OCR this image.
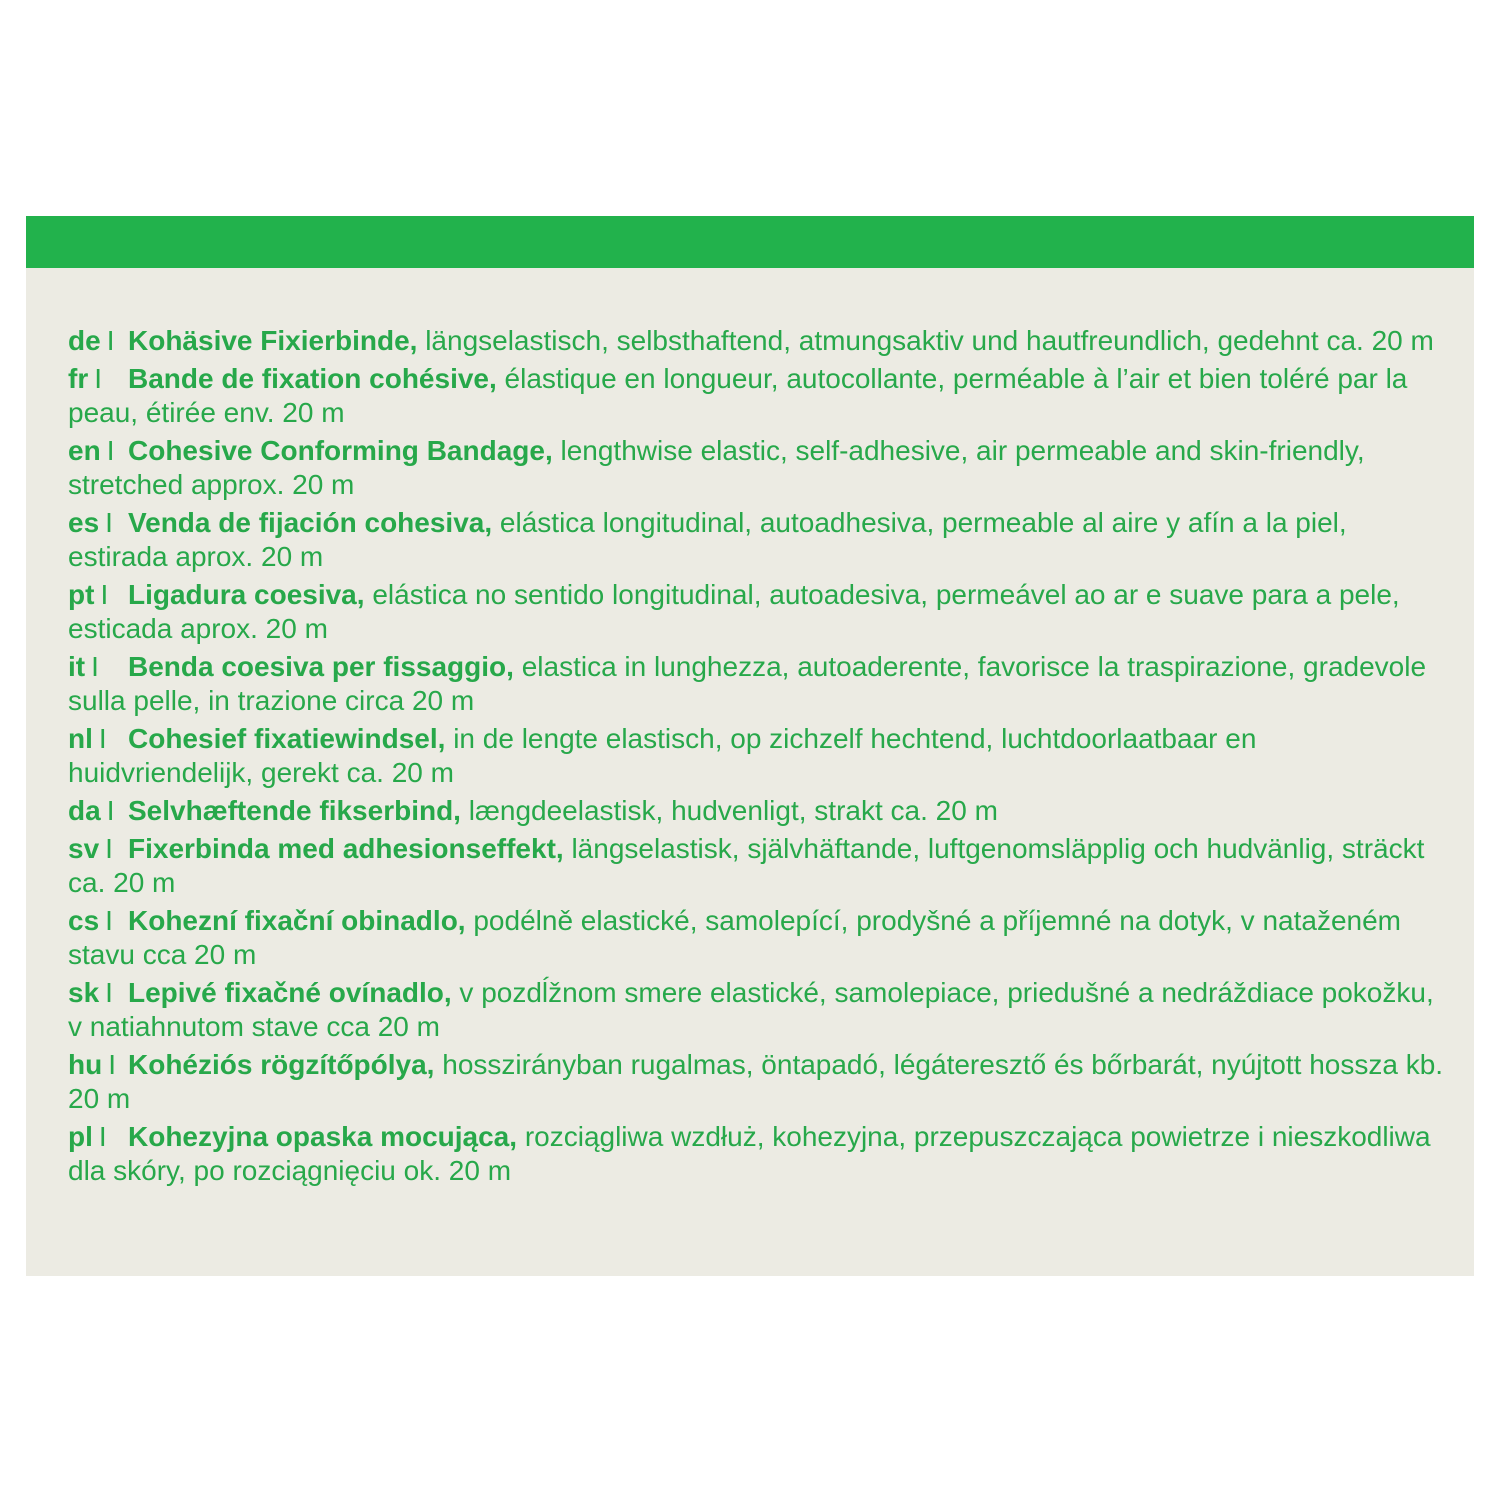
de I Kohäsive Fixierbinde, längselastisch, selbsthaftend, atmungsaktiv und hautfreundlich, gedehnt ca. 20 m
fr I Bande de fixation cohésive, élastique en longueur, autocollante, perméable à l’air et bien toléré par la peau, étirée env. 20 m
en I Cohesive Conforming Bandage, lengthwise elastic, self-adhesive, air permeable and skin-friendly, stretched approx. 20 m
es I Venda de fijación cohesiva, elástica longitudinal, autoadhesiva, permeable al aire y afín a la piel, estirada aprox. 20 m
pt I Ligadura coesiva, elástica no sentido longitudinal, autoadesiva, permeável ao ar e suave para a pele, esticada aprox. 20 m
it I Benda coesiva per fissaggio, elastica in lunghezza, autoaderente, favorisce la traspirazione, gradevole sulla pelle, in trazione circa 20 m
nl I Cohesief fixatiewindsel, in de lengte elastisch, op zichzelf hechtend, luchtdoorlaatbaar en huidvriendelijk, gerekt ca. 20 m
da I Selvhæftende fikserbind, længdeelastisk, hudvenligt, strakt ca. 20 m
sv I Fixerbinda med adhesionseffekt, längselastisk, självhäftande, luftgenomsläpplig och hudvänlig, sträckt ca. 20 m
cs I Kohezní fixační obinadlo, podélně elastické, samolepící, prodyšné a příjemné na dotyk, v nataženém stavu cca 20 m
sk I Lepivé fixačné ovínadlo, v pozdĺžnom smere elastické, samolepiace, priedušné a nedráždiace pokožku, v natiahnutom stave cca 20 m
hu I Kohéziós rögzítőpólya, hosszirányban rugalmas, öntapadó, légáteresztő és bőrbarát, nyújtott hossza kb. 20 m
pl I Kohezyjna opaska mocująca, rozciągliwa wzdłuż, kohezyjna, przepuszczająca powietrze i nieszkodliwa dla skóry, po rozciągnięciu ok. 20 m
